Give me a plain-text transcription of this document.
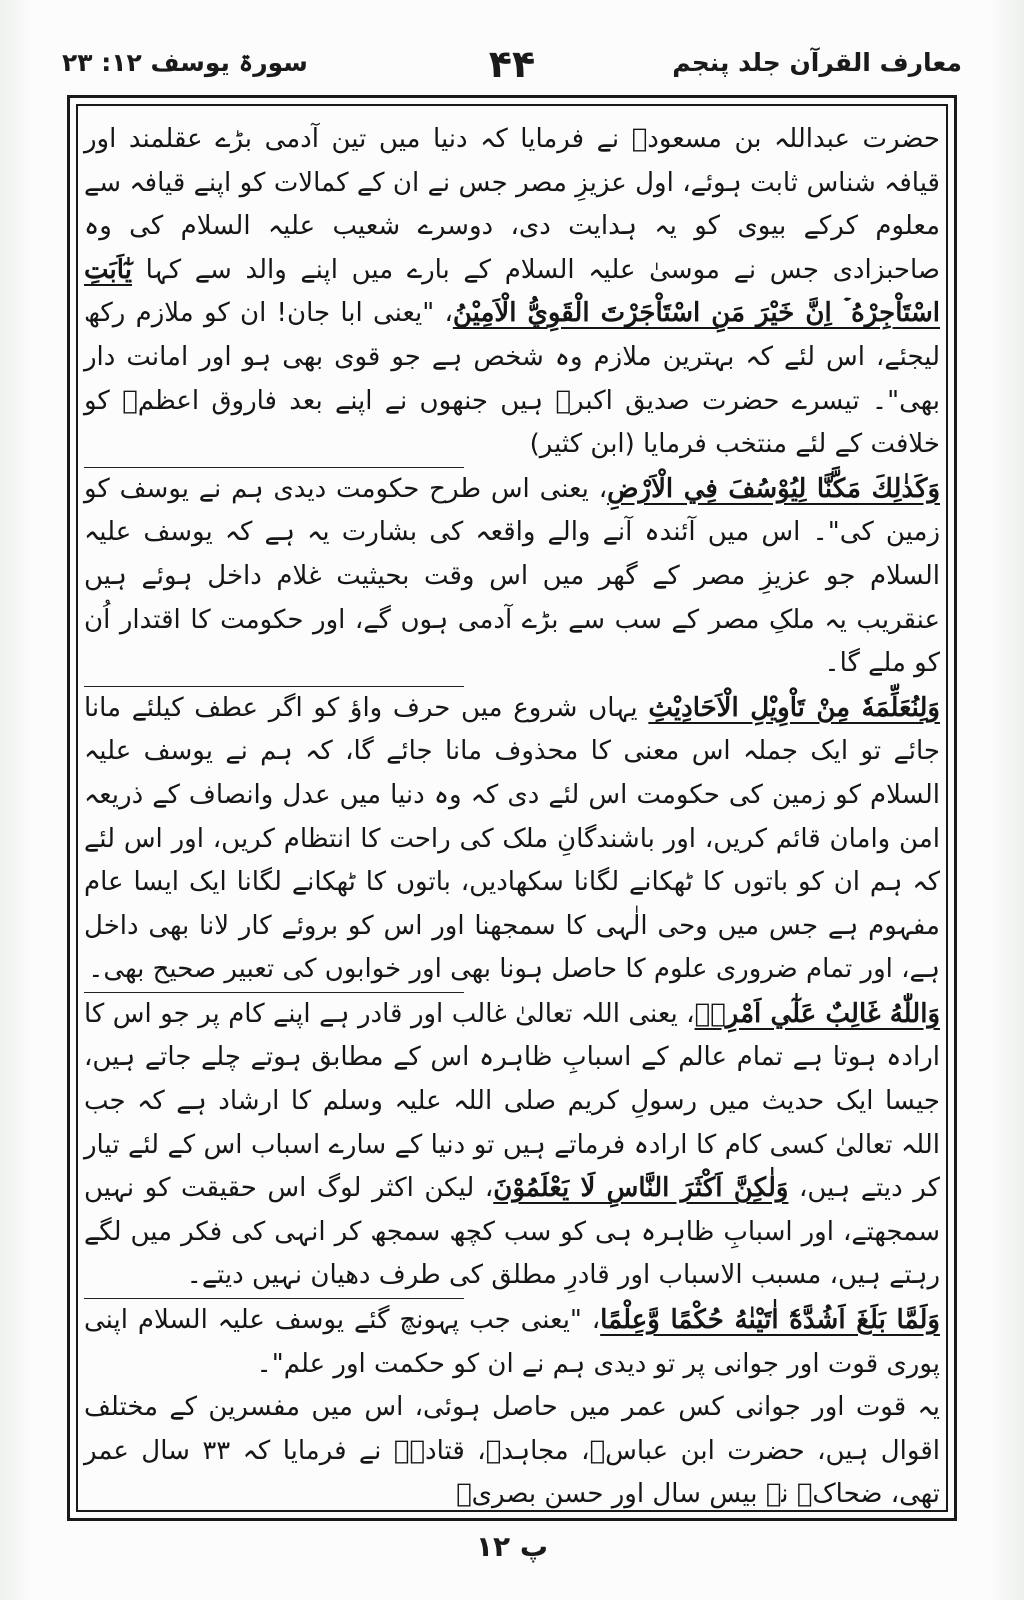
معارف القرآن جلد پنجم
۴۴
سورۃ یوسف ۱۲: ۲۳

حضرت عبداللہ بن مسعودؓ نے فرمایا کہ دنیا میں تین آدمی بڑے عقلمند اور قیافہ شناس ثابت ہوئے، اول عزیزِ مصر جس نے ان کے کمالات کو اپنے قیافہ سے معلوم کرکے بیوی کو یہ ہدایت دی، دوسرے شعیب علیہ السلام کی وہ صاحبزادی جس نے موسیٰ علیہ السلام کے بارے میں اپنے والد سے کہا يٰٓاَبَتِ اسْتَاْجِرْهُ ۡ اِنَّ خَيْرَ مَنِ اسْتَاْجَرْتَ الْقَوِيُّ الْاَمِيْنُ، "یعنی ابا جان! ان کو ملازم رکھ لیجئے، اس لئے کہ بہترین ملازم وہ شخص ہے جو قوی بھی ہو اور امانت دار بھی"۔ تیسرے حضرت صدیق اکبرؓ ہیں جنھوں نے اپنے بعد فاروق اعظمؓ کو خلافت کے لئے منتخب فرمایا (ابن کثیر)

وَكَذٰلِكَ مَكَّنَّا لِيُوْسُفَ فِي الْاَرْضِ، یعنی اس طرح حکومت دیدی ہم نے یوسف کو زمین کی"۔ اس میں آئندہ آنے والے واقعہ کی بشارت یہ ہے کہ یوسف علیہ السلام جو عزیزِ مصر کے گھر میں اس وقت بحیثیت غلام داخل ہوئے ہیں عنقریب یہ ملکِ مصر کے سب سے بڑے آدمی ہوں گے، اور حکومت کا اقتدار اُن کو ملے گا۔

وَلِنُعَلِّمَهٗ مِنْ تَاْوِيْلِ الْاَحَادِيْثِ یہاں شروع میں حرف واؤ کو اگر عطف کیلئے مانا جائے تو ایک جملہ اس معنی کا محذوف مانا جائے گا، کہ ہم نے یوسف علیہ السلام کو زمین کی حکومت اس لئے دی کہ وہ دنیا میں عدل وانصاف کے ذریعہ امن وامان قائم کریں، اور باشندگانِ ملک کی راحت کا انتظام کریں، اور اس لئے کہ ہم ان کو باتوں کا ٹھکانے لگانا سکھادیں، باتوں کا ٹھکانے لگانا ایک ایسا عام مفہوم ہے جس میں وحی الٰہی کا سمجھنا اور اس کو بروئے کار لانا بھی داخل ہے، اور تمام ضروری علوم کا حاصل ہونا بھی اور خوابوں کی تعبیر صحیح بھی۔

وَاللّٰهُ غَالِبٌ عَلٰٓي اَمْرِهٖ، یعنی اللہ تعالیٰ غالب اور قادر ہے اپنے کام پر جو اس کا ارادہ ہوتا ہے تمام عالم کے اسبابِ ظاہرہ اس کے مطابق ہوتے چلے جاتے ہیں، جیسا ایک حدیث میں رسولِ کریم صلی اللہ علیہ وسلم کا ارشاد ہے کہ جب اللہ تعالیٰ کسی کام کا ارادہ فرماتے ہیں تو دنیا کے سارے اسباب اس کے لئے تیار کر دیتے ہیں، وَلٰكِنَّ اَكْثَرَ النَّاسِ لَا يَعْلَمُوْنَ، لیکن اکثر لوگ اس حقیقت کو نہیں سمجھتے، اور اسبابِ ظاہرہ ہی کو سب کچھ سمجھ کر انہی کی فکر میں لگے رہتے ہیں، مسبب الاسباب اور قادرِ مطلق کی طرف دھیان نہیں دیتے۔

وَلَمَّا بَلَغَ اَشُدَّهٗٓ اٰتَيْنٰهُ حُكْمًا وَّعِلْمًا، "یعنی جب پہونچ گئے یوسف علیہ السلام اپنی پوری قوت اور جوانی پر تو دیدی ہم نے ان کو حکمت اور علم"۔

یہ قوت اور جوانی کس عمر میں حاصل ہوئی، اس میں مفسرین کے مختلف اقوال ہیں، حضرت ابن عباسؓ، مجاہدؒ، قتادہؒ نے فرمایا کہ ۳۳ سال عمر تھی، ضحاکؒ نے بیس سال اور حسن بصریؒ

پ ۱۲
